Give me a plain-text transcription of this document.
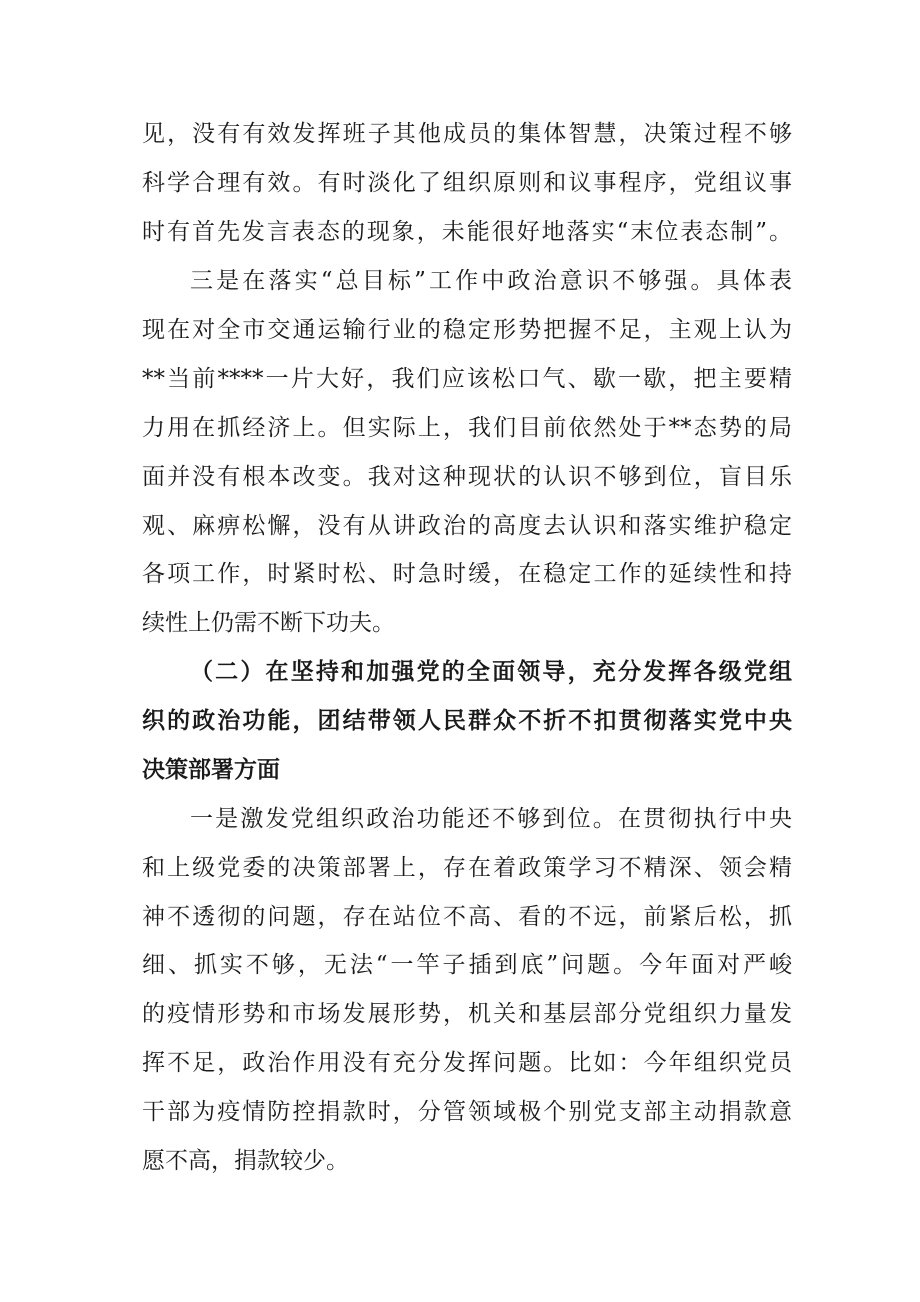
见，没有有效发挥班子其他成员的集体智慧，决策过程不够

科学合理有效。有时淡化了组织原则和议事程序，党组议事

时有首先发言表态的现象，未能很好地落实“末位表态制”。

三是在落实“总目标”工作中政治意识不够强。具体表

现在对全市交通运输行业的稳定形势把握不足，主观上认为

**当前****一片大好，我们应该松口气、歇一歇，把主要精

力用在抓经济上。但实际上，我们目前依然处于**态势的局

面并没有根本改变。我对这种现状的认识不够到位，盲目乐

观、麻痹松懈，没有从讲政治的高度去认识和落实维护稳定

各项工作，时紧时松、时急时缓，在稳定工作的延续性和持

续性上仍需不断下功夫。

（二）在坚持和加强党的全面领导，充分发挥各级党组

织的政治功能，团结带领人民群众不折不扣贯彻落实党中央

决策部署方面

一是激发党组织政治功能还不够到位。在贯彻执行中央

和上级党委的决策部署上，存在着政策学习不精深、领会精

神不透彻的问题，存在站位不高、看的不远，前紧后松，抓

细、抓实不够，无法“一竿子插到底”问题。今年面对严峻

的疫情形势和市场发展形势，机关和基层部分党组织力量发

挥不足，政治作用没有充分发挥问题。比如：今年组织党员

干部为疫情防控捐款时，分管领域极个别党支部主动捐款意

愿不高，捐款较少。
